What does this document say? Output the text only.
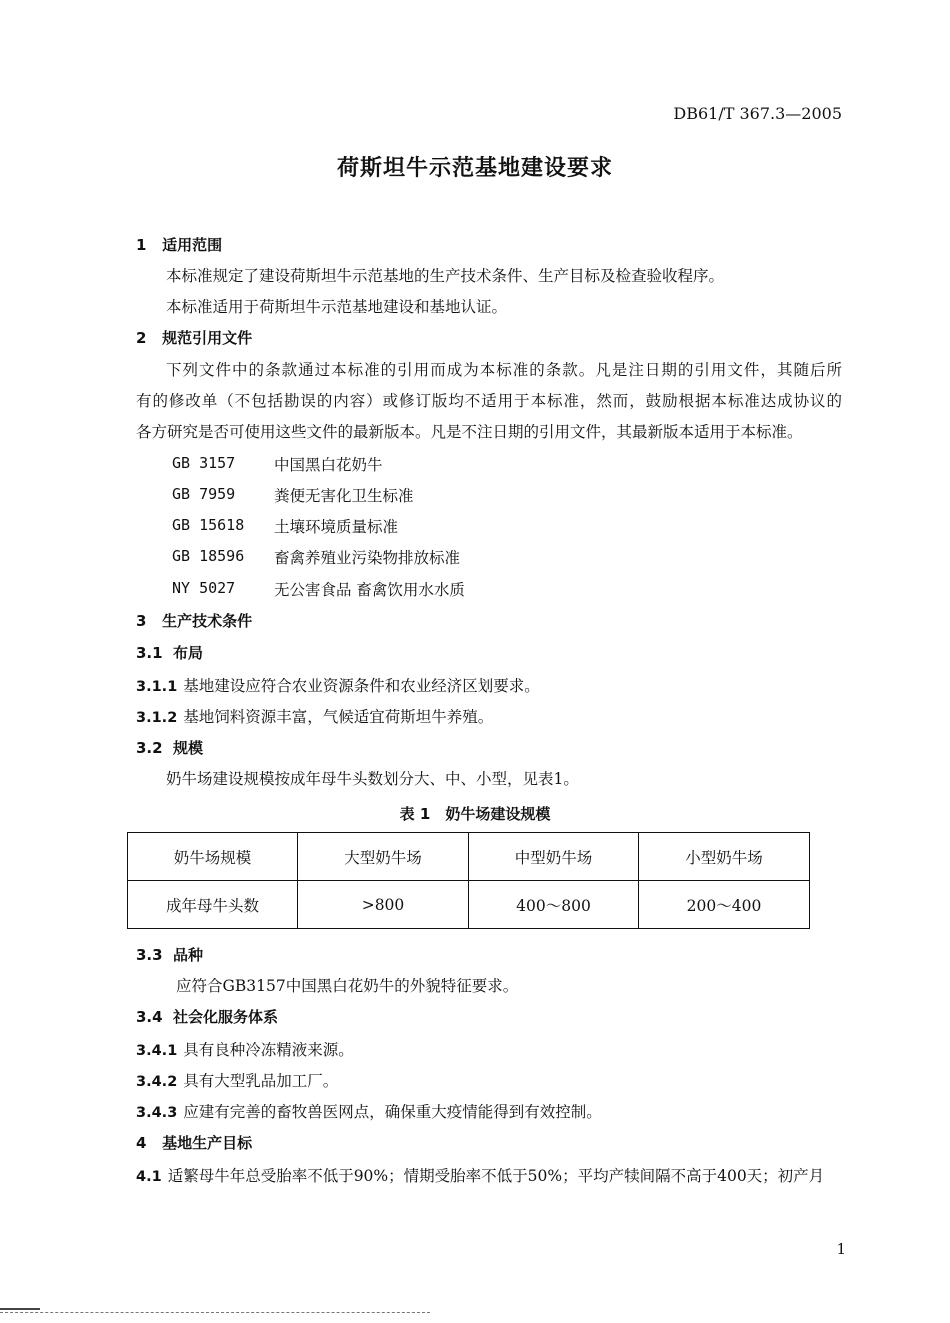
DB61/T 367.3—2005
荷斯坦牛示范基地建设要求
1 适用范围
本标准规定了建设荷斯坦牛示范基地的生产技术条件、生产目标及检查验收程序。
本标准适用于荷斯坦牛示范基地建设和基地认证。
2 规范引用文件
下列文件中的条款通过本标准的引用而成为本标准的条款。凡是注日期的引用文件，其随后所
有的修改单（不包括勘误的内容）或修订版均不适用于本标准，然而，鼓励根据本标准达成协议的
各方研究是否可使用这些文件的最新版本。凡是不注日期的引用文件，其最新版本适用于本标准。
GB 3157	中国黑白花奶牛
GB 7959	粪便无害化卫生标准
GB 15618 土壤环境质量标准
GB 18596 畜禽养殖业污染物排放标准
NY 5027	无公害食品 畜禽饮用水水质
3 生产技术条件
3.1 布局
3.1.1 基地建设应符合农业资源条件和农业经济区划要求。
3.1.2 基地饲料资源丰富，气候适宜荷斯坦牛养殖。
3.2 规模
奶牛场建设规模按成年母牛头数划分大、中、小型，见表1。
表 1　奶牛场建设规模
奶牛场规模	大型奶牛场	中型奶牛场	小型奶牛场
成年母牛头数	>800	400～800	200～400
3.3 品种
应符合GB3157中国黑白花奶牛的外貌特征要求。
3.4 社会化服务体系
3.4.1 具有良种冷冻精液来源。
3.4.2 具有大型乳品加工厂。
3.4.3 应建有完善的畜牧兽医网点，确保重大疫情能得到有效控制。
4 基地生产目标
4.1 适繁母牛年总受胎率不低于90%；情期受胎率不低于50%；平均产犊间隔不高于400天；初产月
1
